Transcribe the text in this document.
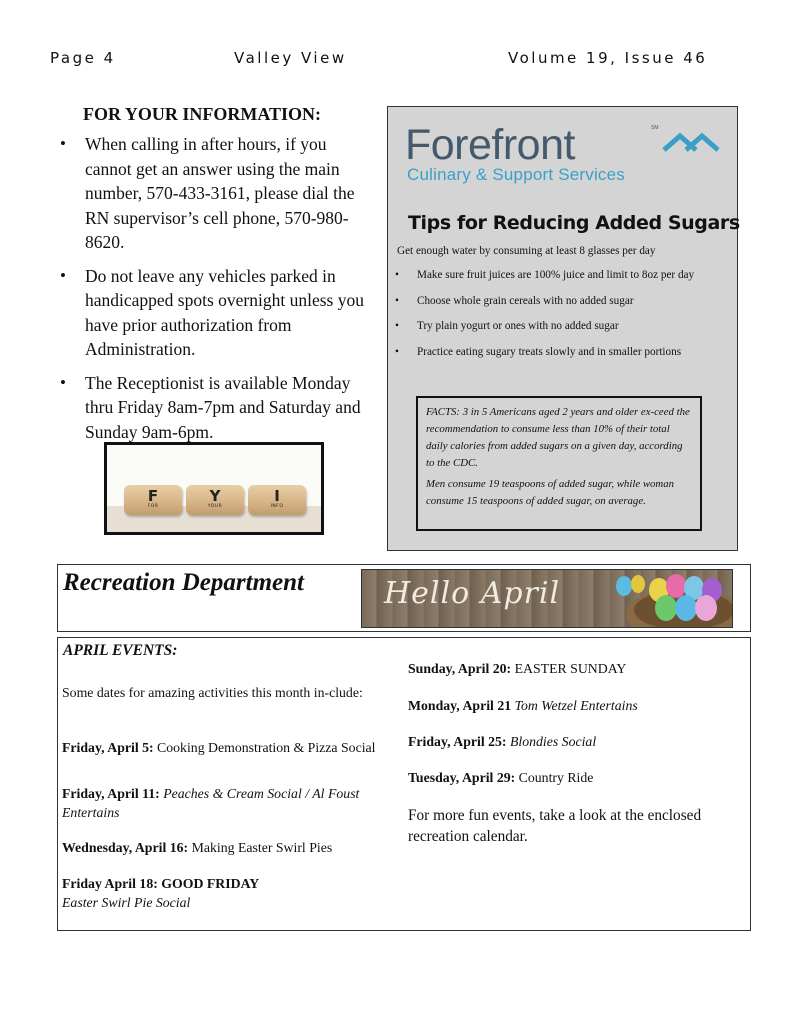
Page 4	Valley View	Volume 19, Issue 46
FOR YOUR INFORMATION:
• When calling in after hours, if you cannot get an answer using the main number, 570-433-3161, please dial the RN supervisor’s cell phone, 570-980-8620.
• Do not leave any vehicles parked in handicapped spots overnight unless you have prior authorization from Administration.
• The Receptionist is available Monday thru Friday 8am-7pm and Saturday and Sunday 9am-6pm.
F
FOR
Y
YOUR
I
INFO
Forefront	SM
Culinary & Support Services
Tips for Reducing Added Sugars
Get enough water by consuming at least 8 glasses per day
• Make sure fruit juices are 100% juice and limit to 8oz per day
• Choose whole grain cereals with no added sugar
• Try plain yogurt or ones with no added sugar
• Practice eating sugary treats slowly and in smaller portions

FACTS: 3 in 5 Americans aged 2 years and older ex-ceed the recommendation to consume less than 10% of their total daily calories from added sugars on a given day, according to the CDC.

Men consume 19 teaspoons of added sugar, while woman consume 15 teaspoons of added sugar, on average.

Recreation Department	Hello April
APRIL EVENTS:
Some dates for amazing activities this month in-clude:
Friday, April 5: Cooking Demonstration & Pizza Social
Friday, April 11: Peaches & Cream Social / Al Foust Entertains
Wednesday, April 16: Making Easter Swirl Pies
Friday April 18: GOOD FRIDAY
Easter Swirl Pie Social
Sunday, April 20: EASTER SUNDAY
Monday, April 21 Tom Wetzel Entertains
Friday, April 25: Blondies Social
Tuesday, April 29: Country Ride
For more fun events, take a look at the enclosed recreation calendar.
